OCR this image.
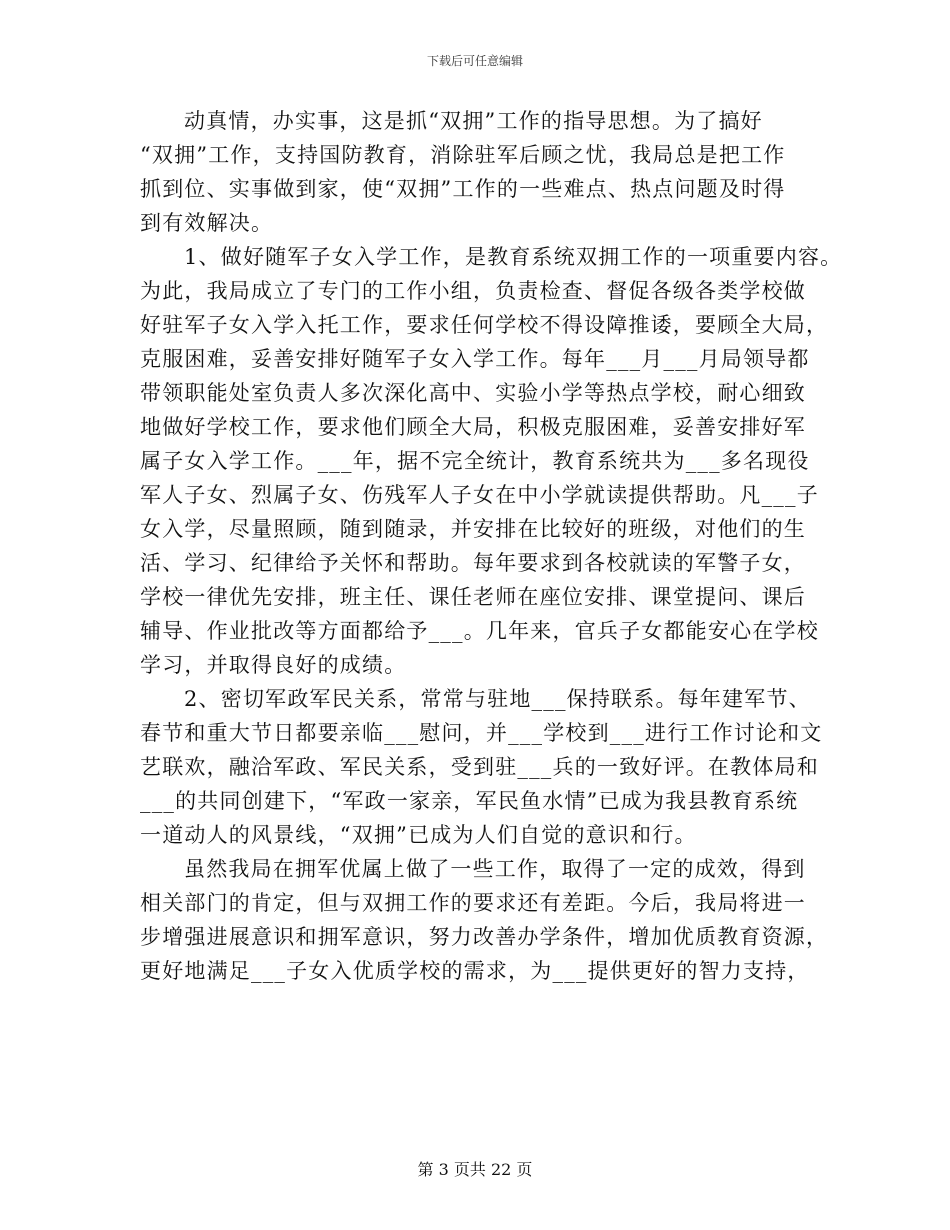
下载后可任意编辑
动真情，办实事，这是抓“双拥”工作的指导思想。为了搞好
“双拥”工作，支持国防教育，消除驻军后顾之忧，我局总是把工作
抓到位、实事做到家，使“双拥”工作的一些难点、热点问题及时得
到有效解决。
1、做好随军子女入学工作，是教育系统双拥工作的一项重要内容。
为此，我局成立了专门的工作小组，负责检查、督促各级各类学校做
好驻军子女入学入托工作，要求任何学校不得设障推诿，要顾全大局，
克服困难，妥善安排好随军子女入学工作。每年___月___月局领导都
带领职能处室负责人多次深化高中、实验小学等热点学校，耐心细致
地做好学校工作，要求他们顾全大局，积极克服困难，妥善安排好军
属子女入学工作。___年，据不完全统计，教育系统共为___多名现役
军人子女、烈属子女、伤残军人子女在中小学就读提供帮助。凡___子
女入学，尽量照顾，随到随录，并安排在比较好的班级，对他们的生
活、学习、纪律给予关怀和帮助。每年要求到各校就读的军警子女，
学校一律优先安排，班主任、课任老师在座位安排、课堂提问、课后
辅导、作业批改等方面都给予___。几年来，官兵子女都能安心在学校
学习，并取得良好的成绩。
2、密切军政军民关系，常常与驻地___保持联系。每年建军节、
春节和重大节日都要亲临___慰问，并___学校到___进行工作讨论和文
艺联欢，融洽军政、军民关系，受到驻___兵的一致好评。在教体局和
___的共同创建下，“军政一家亲，军民鱼水情”已成为我县教育系统
一道动人的风景线，“双拥”已成为人们自觉的意识和行。
虽然我局在拥军优属上做了一些工作，取得了一定的成效，得到
相关部门的肯定，但与双拥工作的要求还有差距。今后，我局将进一
步增强进展意识和拥军意识，努力改善办学条件，增加优质教育资源，
更好地满足___子女入优质学校的需求，为___提供更好的智力支持，
第 3 页共 22 页
